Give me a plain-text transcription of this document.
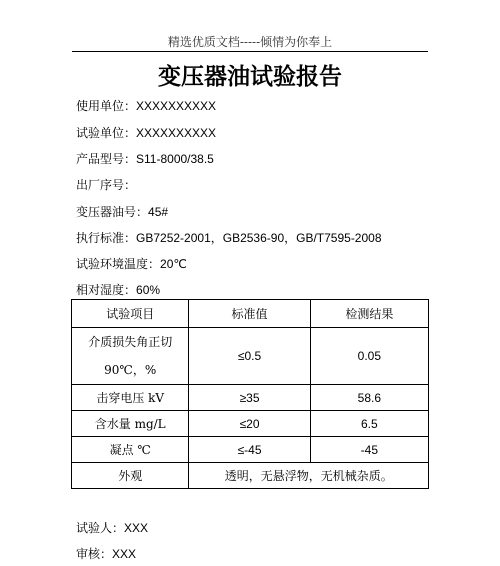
精选优质文档-----倾情为你奉上
变压器油试验报告
使用单位：XXXXXXXXXX
试验单位：XXXXXXXXXX
产品型号：S11-8000/38.5
出厂序号：
变压器油号：45#
执行标准：GB7252-2001，GB2536-90，GB/T7595-2008
试验环境温度：20℃
相对湿度：60%
试验项目	标准值	检测结果

介质损失角正切
90℃，%	≤0.5	0.05
击穿电压 kV	≥35	58.6
含水量 mg/L	≤20	6.5
凝点 ℃	≤-45	-45
外观	透明，无悬浮物，无机械杂质。	
试验人：XXX
审核：XXX
